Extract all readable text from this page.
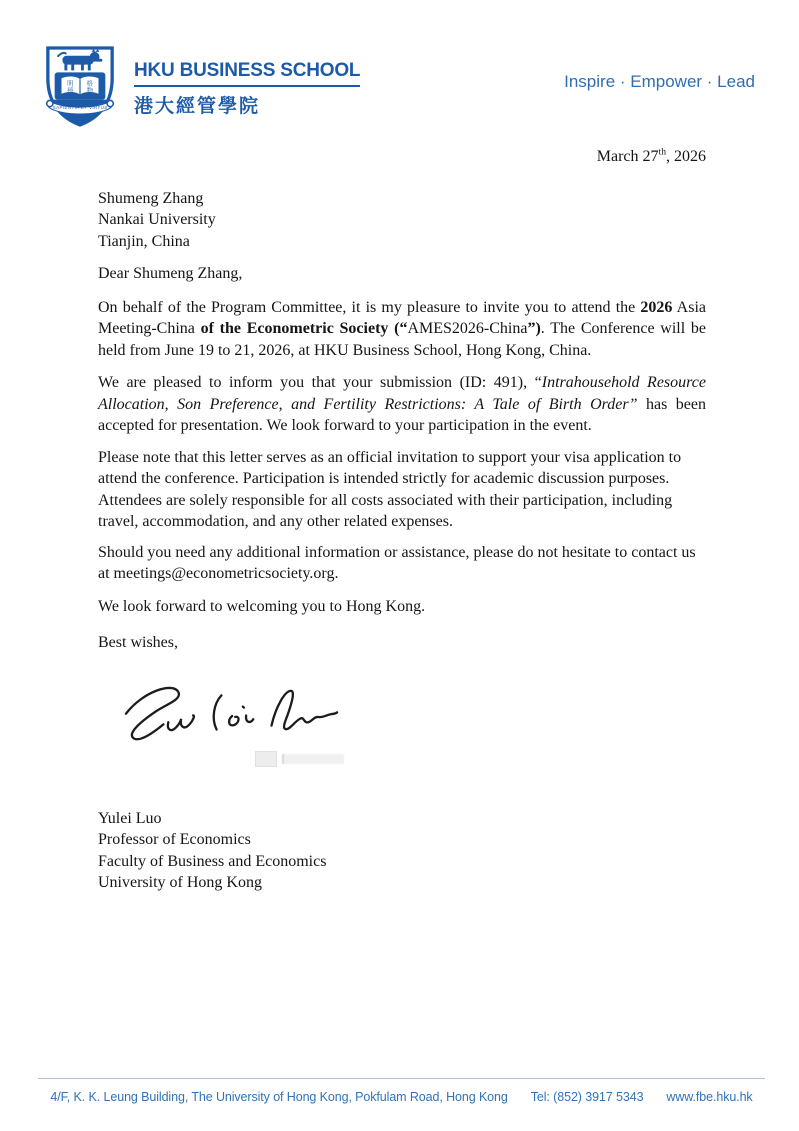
明
德
格
物
SAPIENTIA ET VIRTUS
HKU BUSINESS SCHOOL
港大經管學院
Inspire · Empower · Lead
March 27th, 2026
Shumeng Zhang
Nankai University
Tianjin, China
Dear Shumeng Zhang,

On behalf of the Program Committee, it is my pleasure to invite you to attend the 2026 Asia Meeting-China of the Econometric Society (“AMES2026-China”). The Conference will be held from June 19 to 21, 2026, at HKU Business School, Hong Kong, China.

We are pleased to inform you that your submission (ID: 491), “Intrahousehold Resource Allocation, Son Preference, and Fertility Restrictions: A Tale of Birth Order” has been accepted for presentation. We look forward to your participation in the event.

Please note that this letter serves as an official invitation to support your visa application to attend the conference. Participation is intended strictly for academic discussion purposes. Attendees are solely responsible for all costs associated with their participation, including travel, accommodation, and any other related expenses.

Should you need any additional information or assistance, please do not hesitate to contact us at meetings@econometricsociety.org.

We look forward to welcoming you to Hong Kong.

Best wishes,
Yulei Luo
Professor of Economics
Faculty of Business and Economics
University of Hong Kong
4/F, K. K. Leung Building, The University of Hong Kong, Pokfulam Road, Hong Kong Tel: (852) 3917 5343 www.fbe.hku.hk
